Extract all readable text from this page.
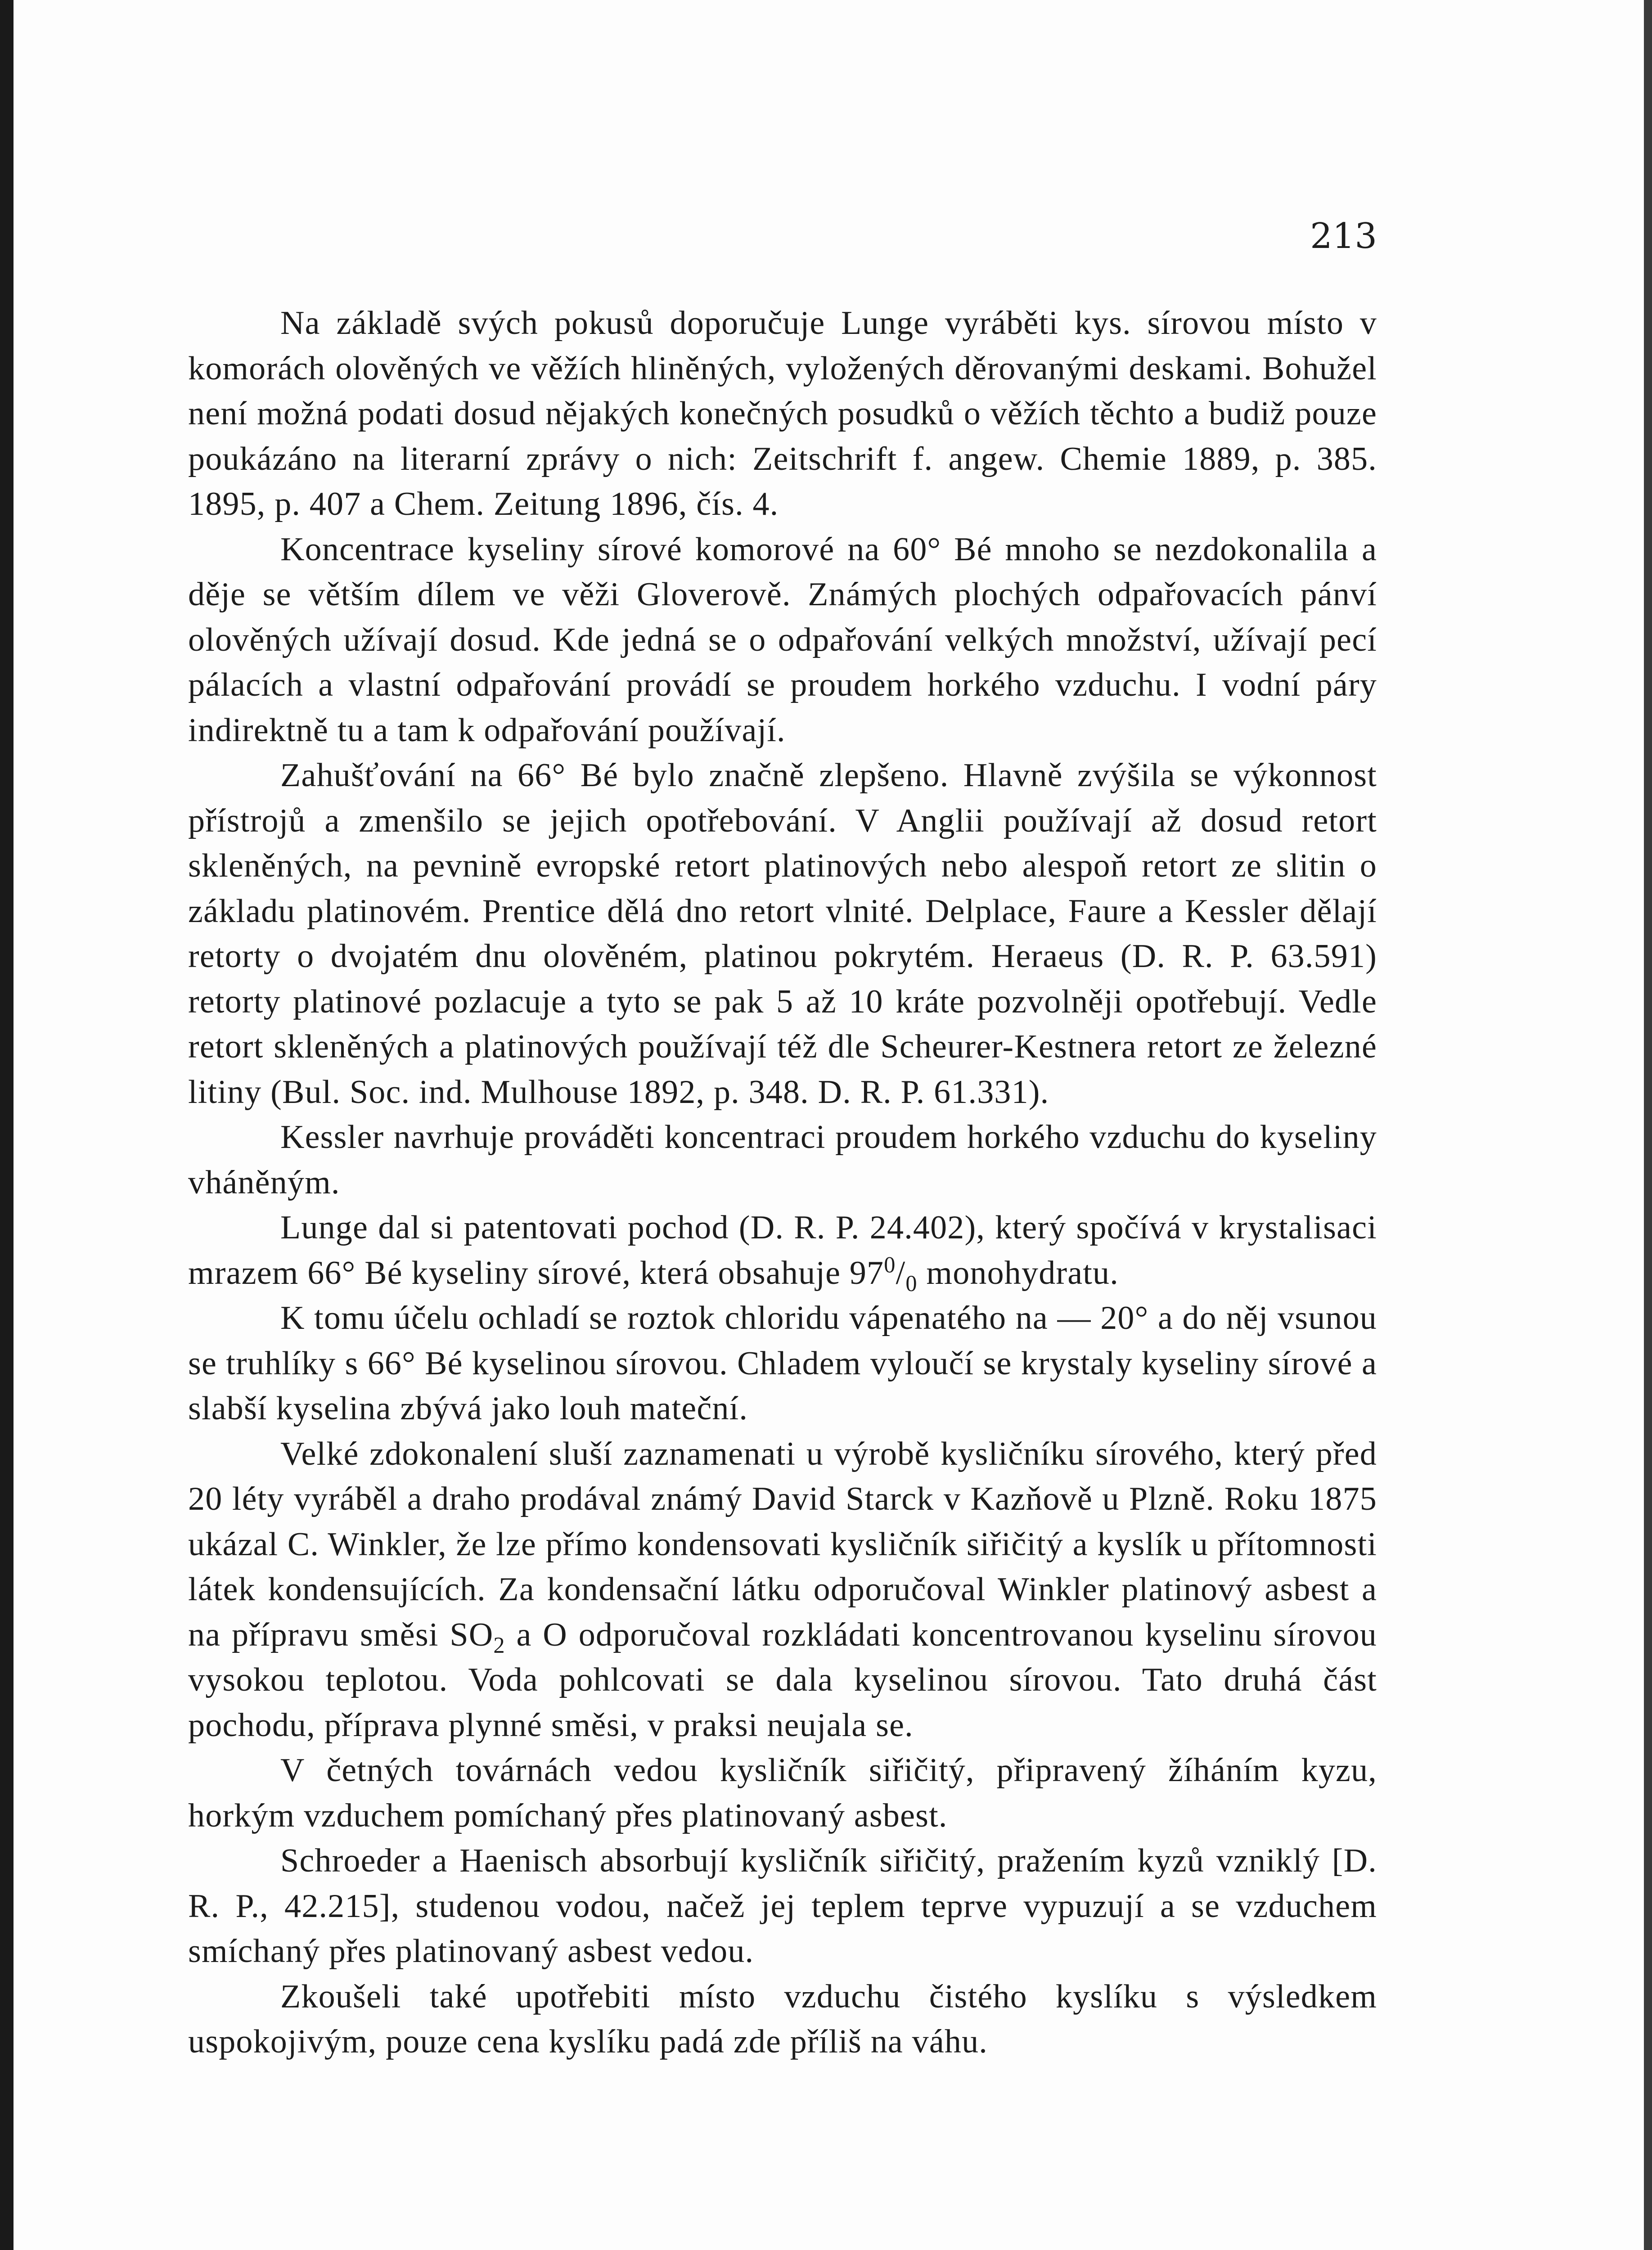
213

Na základě svých pokusů doporučuje Lunge vyráběti kys. sírovou místo v komorách olověných ve věžích hliněných, vyložených děrovanými deskami. Bohužel není možná podati dosud nějakých konečných posudků o věžích těchto a budiž pouze poukázáno na literarní zprávy o nich: Zeitschrift f. angew. Chemie 1889, p. 385. 1895, p. 407 a Chem. Zeitung 1896, čís. 4.

Koncentrace kyseliny sírové komorové na 60° Bé mnoho se nezdokonalila a děje se větším dílem ve věži Gloverově. Známých plochých odpařovacích pánví olověných užívají dosud. Kde jedná se o odpařování velkých množství, užívají pecí pálacích a vlastní odpařování provádí se proudem horkého vzduchu. I vodní páry indirektně tu a tam k odpařování používají.

Zahušťování na 66° Bé bylo značně zlepšeno. Hlavně zvýšila se výkonnost přístrojů a zmenšilo se jejich opotřebování. V Anglii používají až dosud retort skleněných, na pevnině evropské retort platinových nebo alespoň retort ze slitin o základu platinovém. Prentice dělá dno retort vlnité. Delplace, Faure a Kessler dělají retorty o dvojatém dnu olověném, platinou pokrytém. Heraeus (D. R. P. 63.591) retorty platinové pozlacuje a tyto se pak 5 až 10 kráte pozvolněji opotřebují. Vedle retort skleněných a platinových používají též dle Scheurer-Kestnera retort ze železné litiny (Bul. Soc. ind. Mulhouse 1892, p. 348. D. R. P. 61.331).

Kessler navrhuje prováděti koncentraci proudem horkého vzduchu do kyseliny vháněným.

Lunge dal si patentovati pochod (D. R. P. 24.402), který spočívá v krystalisaci mrazem 66° Bé kyseliny sírové, která obsahuje $97^0/_0$ monohydratu.

K tomu účelu ochladí se roztok chloridu vápenatého na — 20° a do něj vsunou se truhlíky s 66° Bé kyselinou sírovou. Chladem vyloučí se krystaly kyseliny sírové a slabší kyselina zbývá jako louh mateční.

Velké zdokonalení sluší zaznamenati u výrobě kysličníku sírového, který před 20 léty vyráběl a draho prodával známý David Starck v Kazňově u Plzně. Roku 1875 ukázal C. Winkler, že lze přímo kondensovati kysličník siřičitý a kyslík u přítomnosti látek kondensujících. Za kondensační látku odporučoval Winkler platinový asbest a na přípravu směsi $SO_2$ a O odporučoval rozkládati koncentrovanou kyselinu sírovou vysokou teplotou. Voda pohlcovati se dala kyselinou sírovou. Tato druhá část pochodu, příprava plynné směsi, v praksi neujala se.

V četných továrnách vedou kysličník siřičitý, připravený žíháním kyzu, horkým vzduchem pomíchaný přes platinovaný asbest.

Schroeder a Haenisch absorbují kysličník siřičitý, pražením kyzů vzniklý [D. R. P., 42.215], studenou vodou, načež jej teplem teprve vypuzují a se vzduchem smíchaný přes platinovaný asbest vedou.

Zkoušeli také upotřebiti místo vzduchu čistého kyslíku s výsledkem uspokojivým, pouze cena kyslíku padá zde příliš na váhu.
